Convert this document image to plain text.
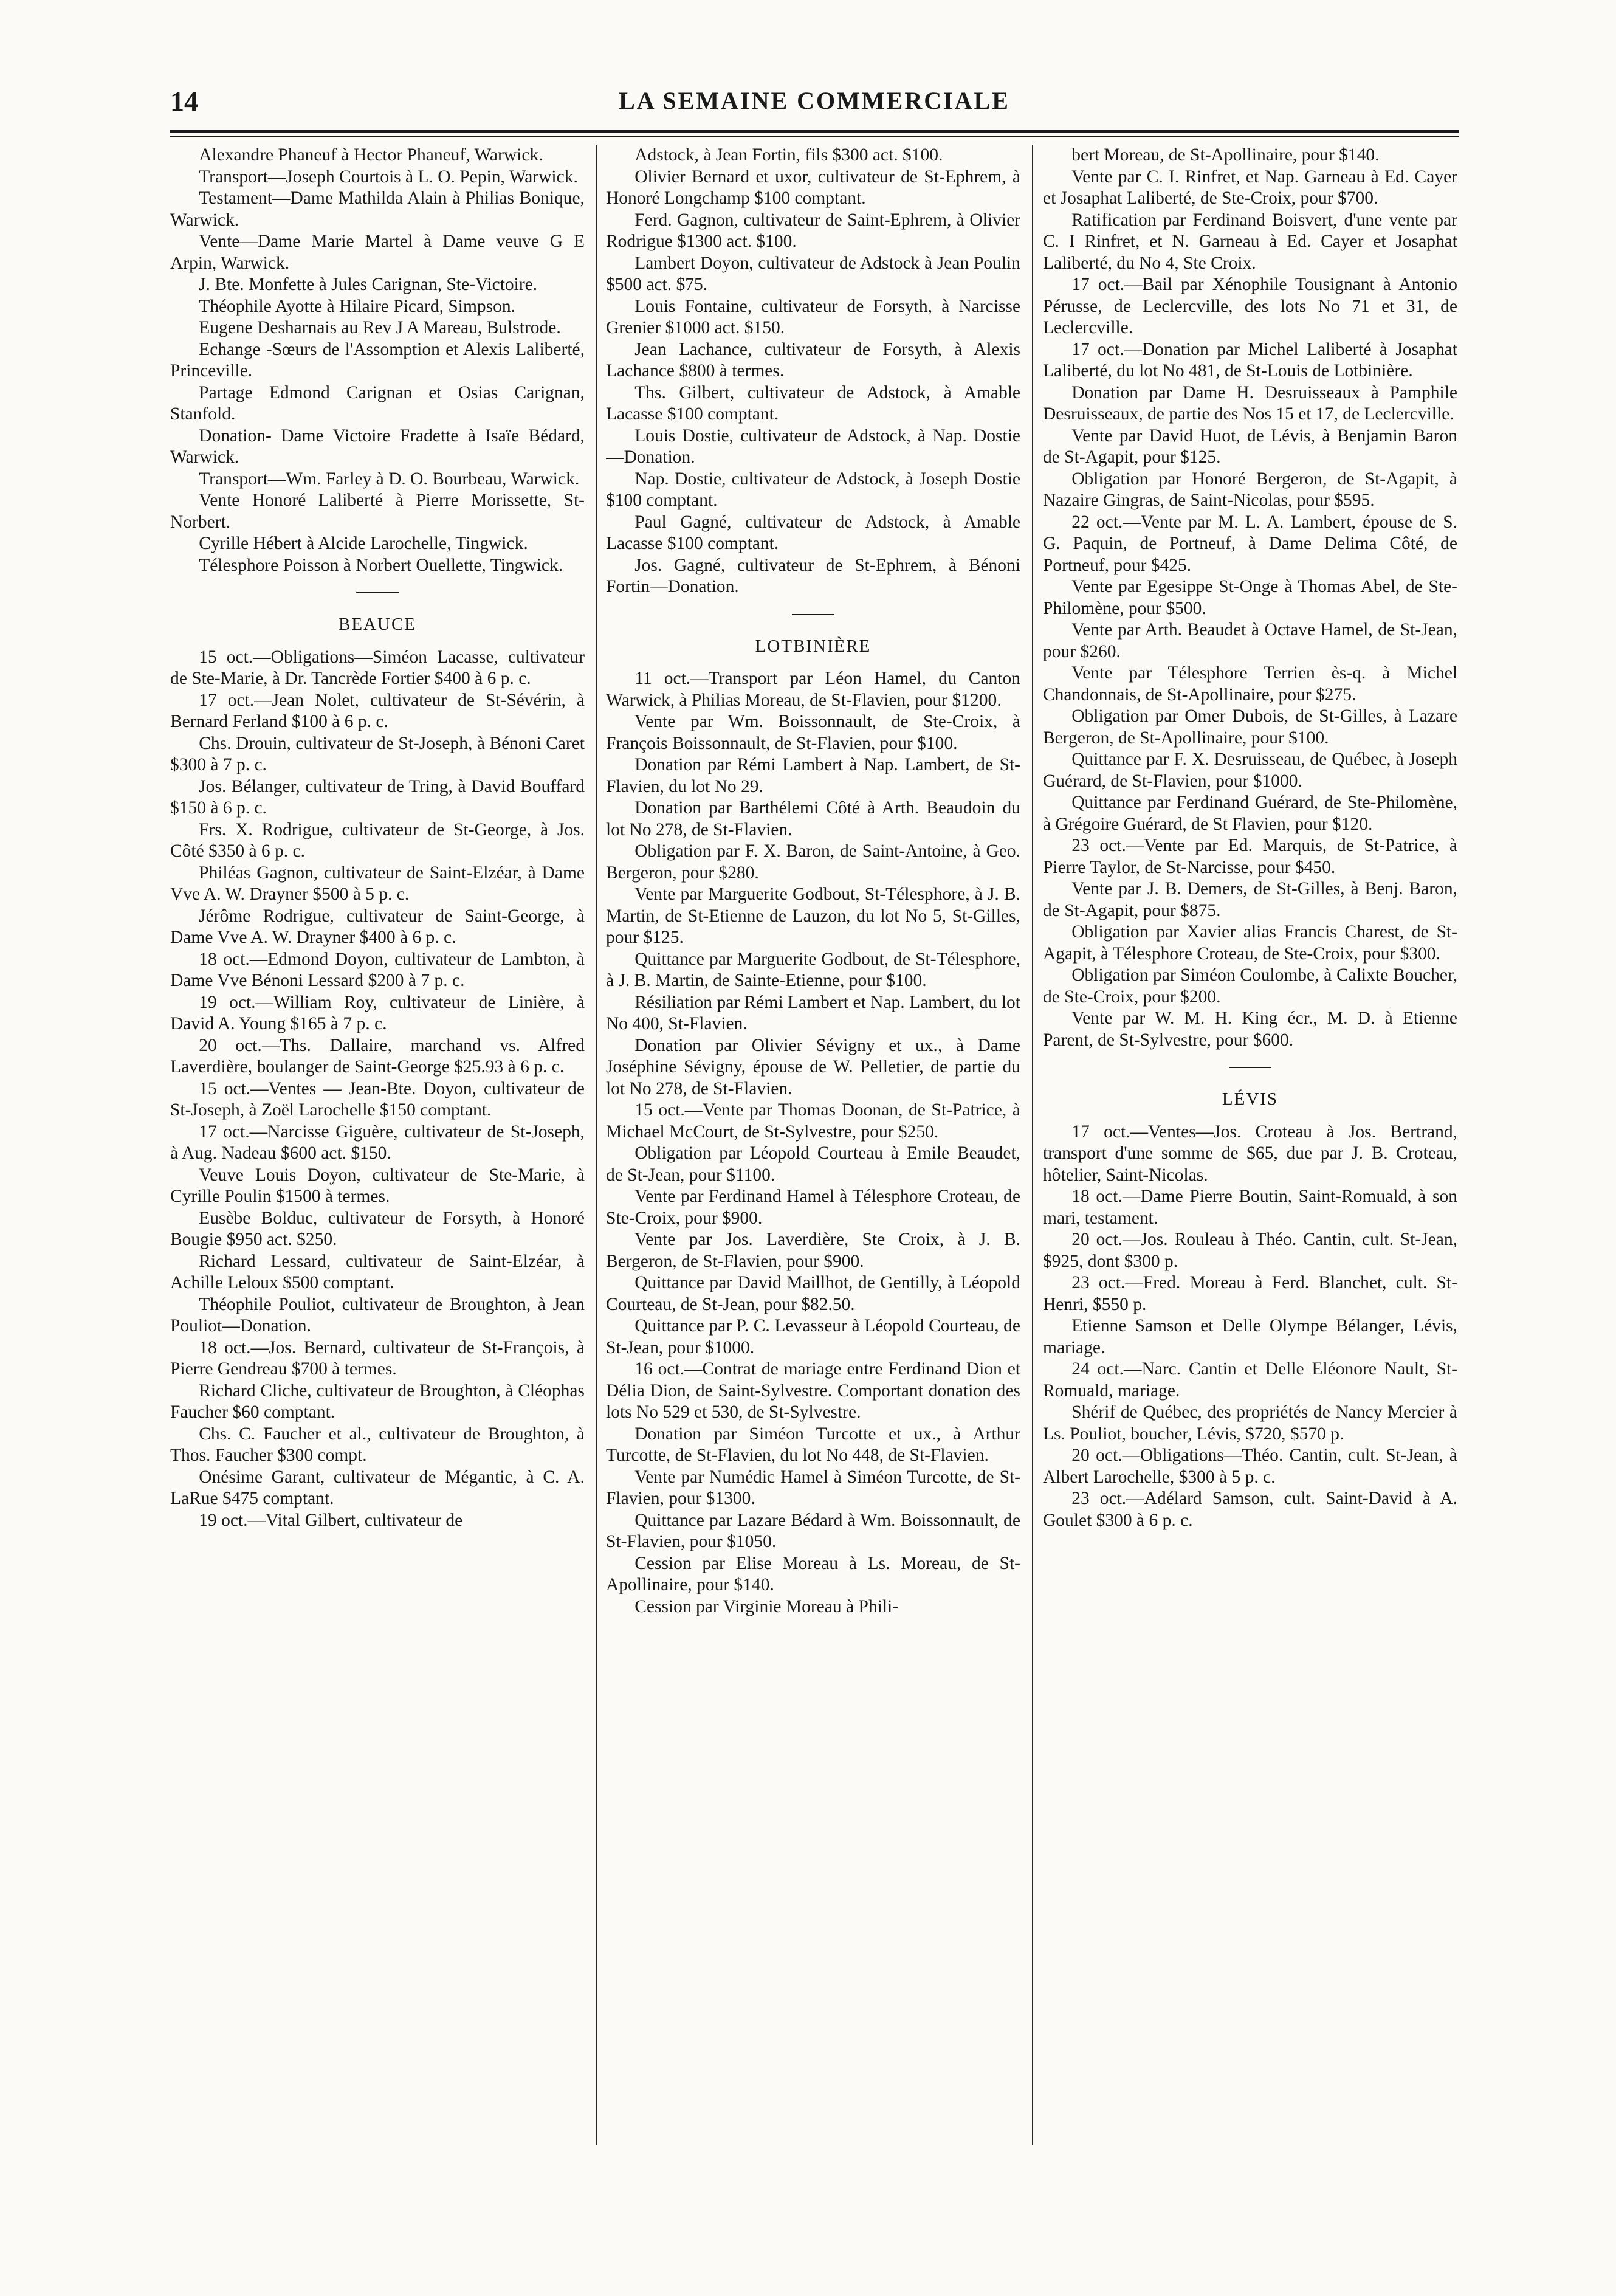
14	LA SEMAINE COMMERCIALE

Alexandre Phaneuf à Hector Phaneuf, Warwick.

Transport—Joseph Courtois à L. O. Pepin, Warwick.

Testament—Dame Mathilda Alain à Philias Bonique, Warwick.

Vente—Dame Marie Martel à Dame veuve G E Arpin, Warwick.

J. Bte. Monfette à Jules Carignan, Ste-Victoire.

Théophile Ayotte à Hilaire Picard, Simpson.

Eugene Desharnais au Rev J A Mareau, Bulstrode.

Echange -Sœurs de l'Assomption et Alexis Laliberté, Princeville.

Partage Edmond Carignan et Osias Carignan, Stanfold.

Donation- Dame Victoire Fradette à Isaïe Bédard, Warwick.

Transport—Wm. Farley à D. O. Bourbeau, Warwick.

Vente Honoré Laliberté à Pierre Morissette, St-Norbert.

Cyrille Hébert à Alcide Larochelle, Tingwick.

Télesphore Poisson à Norbert Ouellette, Tingwick.

BEAUCE

15 oct.—Obligations—Siméon Lacasse, cultivateur de Ste-Marie, à Dr. Tancrède Fortier $400 à 6 p. c.

17 oct.—Jean Nolet, cultivateur de St-Sévérin, à Bernard Ferland $100 à 6 p. c.

Chs. Drouin, cultivateur de St-Joseph, à Bénoni Caret $300 à 7 p. c.

Jos. Bélanger, cultivateur de Tring, à David Bouffard $150 à 6 p. c.

Frs. X. Rodrigue, cultivateur de St-George, à Jos. Côté $350 à 6 p. c.

Philéas Gagnon, cultivateur de Saint-Elzéar, à Dame Vve A. W. Drayner $500 à 5 p. c.

Jérôme Rodrigue, cultivateur de Saint-George, à Dame Vve A. W. Drayner $400 à 6 p. c.

18 oct.—Edmond Doyon, cultivateur de Lambton, à Dame Vve Bénoni Lessard $200 à 7 p. c.

19 oct.—William Roy, cultivateur de Linière, à David A. Young $165 à 7 p. c.

20 oct.—Ths. Dallaire, marchand vs. Alfred Laverdière, boulanger de Saint-George $25.93 à 6 p. c.

15 oct.—Ventes — Jean-Bte. Doyon, cultivateur de St-Joseph, à Zoël Larochelle $150 comptant.

17 oct.—Narcisse Giguère, cultivateur de St-Joseph, à Aug. Nadeau $600 act. $150.

Veuve Louis Doyon, cultivateur de Ste-Marie, à Cyrille Poulin $1500 à termes.

Eusèbe Bolduc, cultivateur de Forsyth, à Honoré Bougie $950 act. $250.

Richard Lessard, cultivateur de Saint-Elzéar, à Achille Leloux $500 comptant.

Théophile Pouliot, cultivateur de Broughton, à Jean Pouliot—Donation.

18 oct.—Jos. Bernard, cultivateur de St-François, à Pierre Gendreau $700 à termes.

Richard Cliche, cultivateur de Broughton, à Cléophas Faucher $60 comptant.

Chs. C. Faucher et al., cultivateur de Broughton, à Thos. Faucher $300 compt.

Onésime Garant, cultivateur de Mégantic, à C. A. LaRue $475 comptant.

19 oct.—Vital Gilbert, cultivateur de

Adstock, à Jean Fortin, fils $300 act. $100.

Olivier Bernard et uxor, cultivateur de St-Ephrem, à Honoré Longchamp $100 comptant.

Ferd. Gagnon, cultivateur de Saint-Ephrem, à Olivier Rodrigue $1300 act. $100.

Lambert Doyon, cultivateur de Adstock à Jean Poulin $500 act. $75.

Louis Fontaine, cultivateur de Forsyth, à Narcisse Grenier $1000 act. $150.

Jean Lachance, cultivateur de Forsyth, à Alexis Lachance $800 à termes.

Ths. Gilbert, cultivateur de Adstock, à Amable Lacasse $100 comptant.

Louis Dostie, cultivateur de Adstock, à Nap. Dostie—Donation.

Nap. Dostie, cultivateur de Adstock, à Joseph Dostie $100 comptant.

Paul Gagné, cultivateur de Adstock, à Amable Lacasse $100 comptant.

Jos. Gagné, cultivateur de St-Ephrem, à Bénoni Fortin—Donation.

LOTBINIÈRE

11 oct.—Transport par Léon Hamel, du Canton Warwick, à Philias Moreau, de St-Flavien, pour $1200.

Vente par Wm. Boissonnault, de Ste-Croix, à François Boissonnault, de St-Flavien, pour $100.

Donation par Rémi Lambert à Nap. Lambert, de St-Flavien, du lot No 29.

Donation par Barthélemi Côté à Arth. Beaudoin du lot No 278, de St-Flavien.

Obligation par F. X. Baron, de Saint-Antoine, à Geo. Bergeron, pour $280.

Vente par Marguerite Godbout, St-Télesphore, à J. B. Martin, de St-Etienne de Lauzon, du lot No 5, St-Gilles, pour $125.

Quittance par Marguerite Godbout, de St-Télesphore, à J. B. Martin, de Sainte-Etienne, pour $100.

Résiliation par Rémi Lambert et Nap. Lambert, du lot No 400, St-Flavien.

Donation par Olivier Sévigny et ux., à Dame Joséphine Sévigny, épouse de W. Pelletier, de partie du lot No 278, de St-Flavien.

15 oct.—Vente par Thomas Doonan, de St-Patrice, à Michael McCourt, de St-Sylvestre, pour $250.

Obligation par Léopold Courteau à Emile Beaudet, de St-Jean, pour $1100.

Vente par Ferdinand Hamel à Télesphore Croteau, de Ste-Croix, pour $900.

Vente par Jos. Laverdière, Ste Croix, à J. B. Bergeron, de St-Flavien, pour $900.

Quittance par David Maillhot, de Gentilly, à Léopold Courteau, de St-Jean, pour $82.50.

Quittance par P. C. Levasseur à Léopold Courteau, de St-Jean, pour $1000.

16 oct.—Contrat de mariage entre Ferdinand Dion et Délia Dion, de Saint-Sylvestre. Comportant donation des lots No 529 et 530, de St-Sylvestre.

Donation par Siméon Turcotte et ux., à Arthur Turcotte, de St-Flavien, du lot No 448, de St-Flavien.

Vente par Numédic Hamel à Siméon Turcotte, de St-Flavien, pour $1300.

Quittance par Lazare Bédard à Wm. Boissonnault, de St-Flavien, pour $1050.

Cession par Elise Moreau à Ls. Moreau, de St-Apollinaire, pour $140.

Cession par Virginie Moreau à Phili-

bert Moreau, de St-Apollinaire, pour $140.

Vente par C. I. Rinfret, et Nap. Garneau à Ed. Cayer et Josaphat Laliberté, de Ste-Croix, pour $700.

Ratification par Ferdinand Boisvert, d'une vente par C. I Rinfret, et N. Garneau à Ed. Cayer et Josaphat Laliberté, du No 4, Ste Croix.

17 oct.—Bail par Xénophile Tousignant à Antonio Pérusse, de Leclercville, des lots No 71 et 31, de Leclercville.

17 oct.—Donation par Michel Laliberté à Josaphat Laliberté, du lot No 481, de St-Louis de Lotbinière.

Donation par Dame H. Desruisseaux à Pamphile Desruisseaux, de partie des Nos 15 et 17, de Leclercville.

Vente par David Huot, de Lévis, à Benjamin Baron de St-Agapit, pour $125.

Obligation par Honoré Bergeron, de St-Agapit, à Nazaire Gingras, de Saint-Nicolas, pour $595.

22 oct.—Vente par M. L. A. Lambert, épouse de S. G. Paquin, de Portneuf, à Dame Delima Côté, de Portneuf, pour $425.

Vente par Egesippe St-Onge à Thomas Abel, de Ste-Philomène, pour $500.

Vente par Arth. Beaudet à Octave Hamel, de St-Jean, pour $260.

Vente par Télesphore Terrien ès-q. à Michel Chandonnais, de St-Apollinaire, pour $275.

Obligation par Omer Dubois, de St-Gilles, à Lazare Bergeron, de St-Apollinaire, pour $100.

Quittance par F. X. Desruisseau, de Québec, à Joseph Guérard, de St-Flavien, pour $1000.

Quittance par Ferdinand Guérard, de Ste-Philomène, à Grégoire Guérard, de St Flavien, pour $120.

23 oct.—Vente par Ed. Marquis, de St-Patrice, à Pierre Taylor, de St-Narcisse, pour $450.

Vente par J. B. Demers, de St-Gilles, à Benj. Baron, de St-Agapit, pour $875.

Obligation par Xavier alias Francis Charest, de St-Agapit, à Télesphore Croteau, de Ste-Croix, pour $300.

Obligation par Siméon Coulombe, à Calixte Boucher, de Ste-Croix, pour $200.

Vente par W. M. H. King écr., M. D. à Etienne Parent, de St-Sylvestre, pour $600.

LÉVIS

17 oct.—Ventes—Jos. Croteau à Jos. Bertrand, transport d'une somme de $65, due par J. B. Croteau, hôtelier, Saint-Nicolas.

18 oct.—Dame Pierre Boutin, Saint-Romuald, à son mari, testament.

20 oct.—Jos. Rouleau à Théo. Cantin, cult. St-Jean, $925, dont $300 p.

23 oct.—Fred. Moreau à Ferd. Blanchet, cult. St-Henri, $550 p.

Etienne Samson et Delle Olympe Bélanger, Lévis, mariage.

24 oct.—Narc. Cantin et Delle Eléonore Nault, St-Romuald, mariage.

Shérif de Québec, des propriétés de Nancy Mercier à Ls. Pouliot, boucher, Lévis, $720, $570 p.

20 oct.—Obligations—Théo. Cantin, cult. St-Jean, à Albert Larochelle, $300 à 5 p. c.

23 oct.—Adélard Samson, cult. Saint-David à A. Goulet $300 à 6 p. c.
